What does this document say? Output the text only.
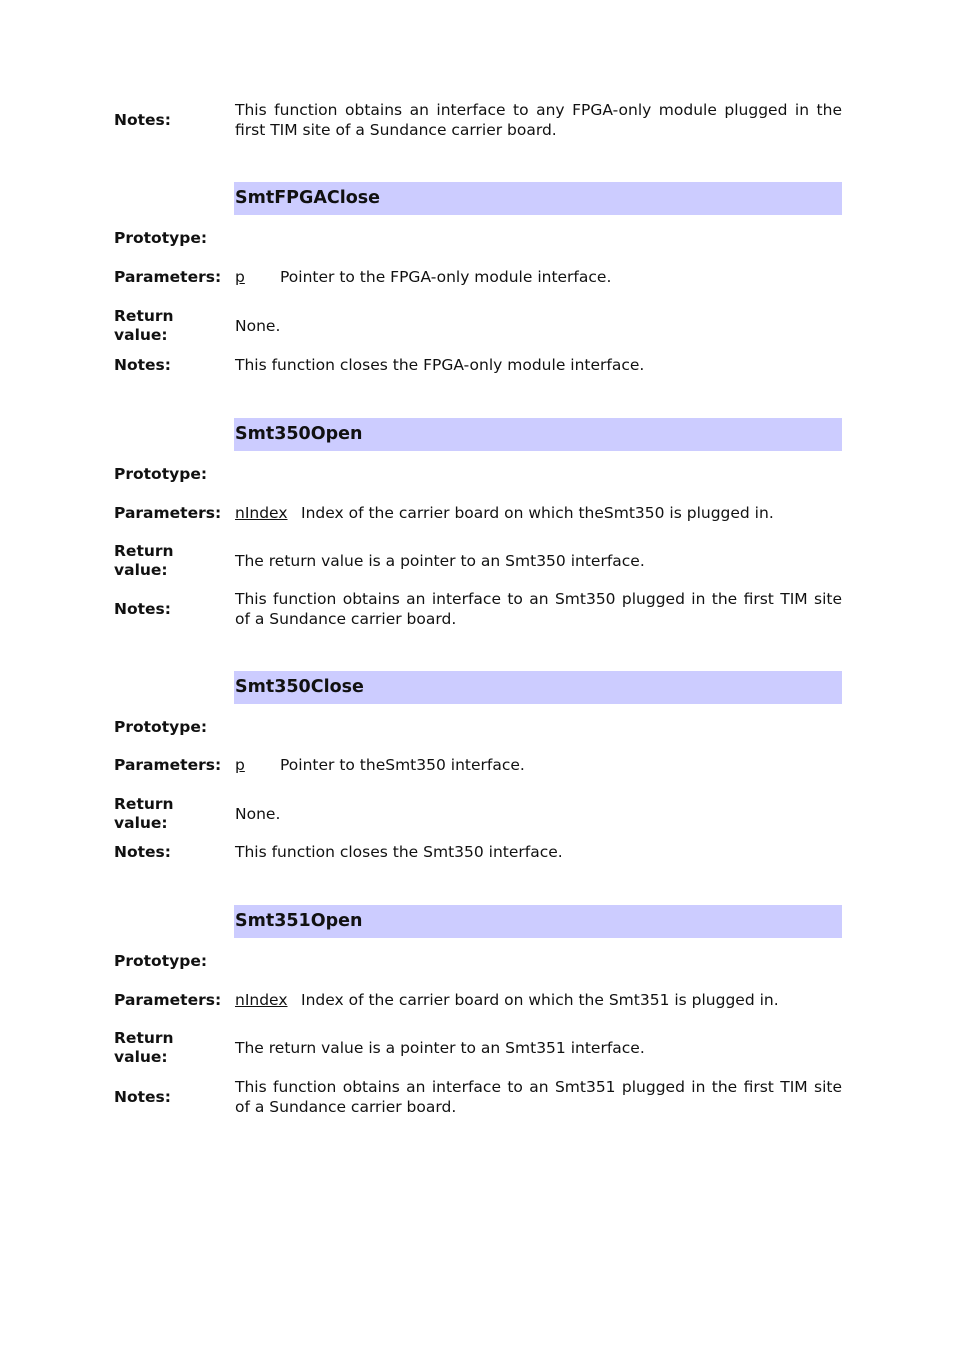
Notes:
This function obtains an interface to any FPGA-only module plugged in the first TIM site of a Sundance carrier board.
SmtFPGAClose
Prototype:
Parameters: p Pointer to the FPGA-only module interface.
Return
value:	None.
Notes:	This function closes the FPGA-only module interface.
Smt350Open
Prototype:
Parameters: nIndex Index of the carrier board on which theSmt350 is plugged in.
Return
value:	The return value is a pointer to an Smt350 interface.
Notes:
This function obtains an interface to an Smt350 plugged in the first TIM site of a Sundance carrier board.
Smt350Close
Prototype:
Parameters: p Pointer to theSmt350 interface.
Return
value:	None.
Notes:	This function closes the Smt350 interface.
Smt351Open
Prototype:
Parameters: nIndex Index of the carrier board on which the Smt351 is plugged in.
Return
value:	The return value is a pointer to an Smt351 interface.
Notes:
This function obtains an interface to an Smt351 plugged in the first TIM site of a Sundance carrier board.
